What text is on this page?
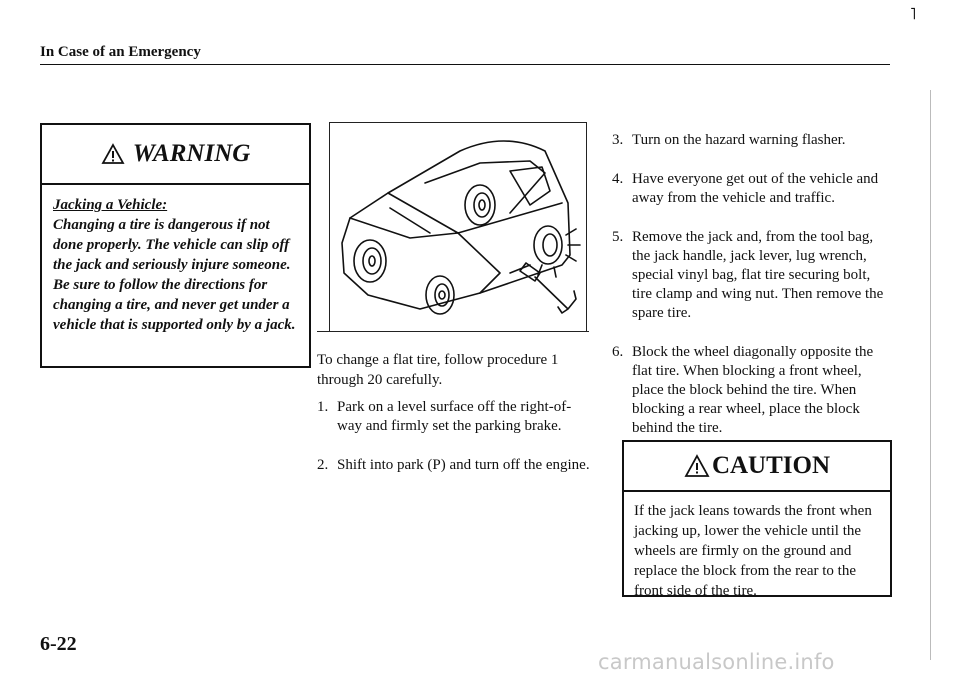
˥
In Case of an Emergency
WARNING

Jacking a Vehicle:

Changing a tire is dangerous if not done properly. The vehicle can slip off the jack and seriously injure someone.

Be sure to follow the directions for changing a tire, and never get under a vehicle that is supported only by a jack.

To change a flat tire, follow procedure 1 through 20 carefully.
1. Park on a level surface off the right-of-way and firmly set the parking brake.
2. Shift into park (P) and turn off the engine.
3. Turn on the hazard warning flasher.
4. Have everyone get out of the vehicle and away from the vehicle and traffic.
5. Remove the jack and, from the tool bag, the jack handle, jack lever, lug wrench, special vinyl bag, flat tire securing bolt, tire clamp and wing nut. Then remove the spare tire.
6. Block the wheel diagonally opposite the flat tire. When blocking a front wheel, place the block behind the tire. When blocking a rear wheel, place the block behind the tire.
CAUTION
If the jack leans towards the front when jacking up, lower the vehicle until the wheels are firmly on the ground and replace the block from the rear to the front side of the tire.
6-22
carmanualsonline.info
